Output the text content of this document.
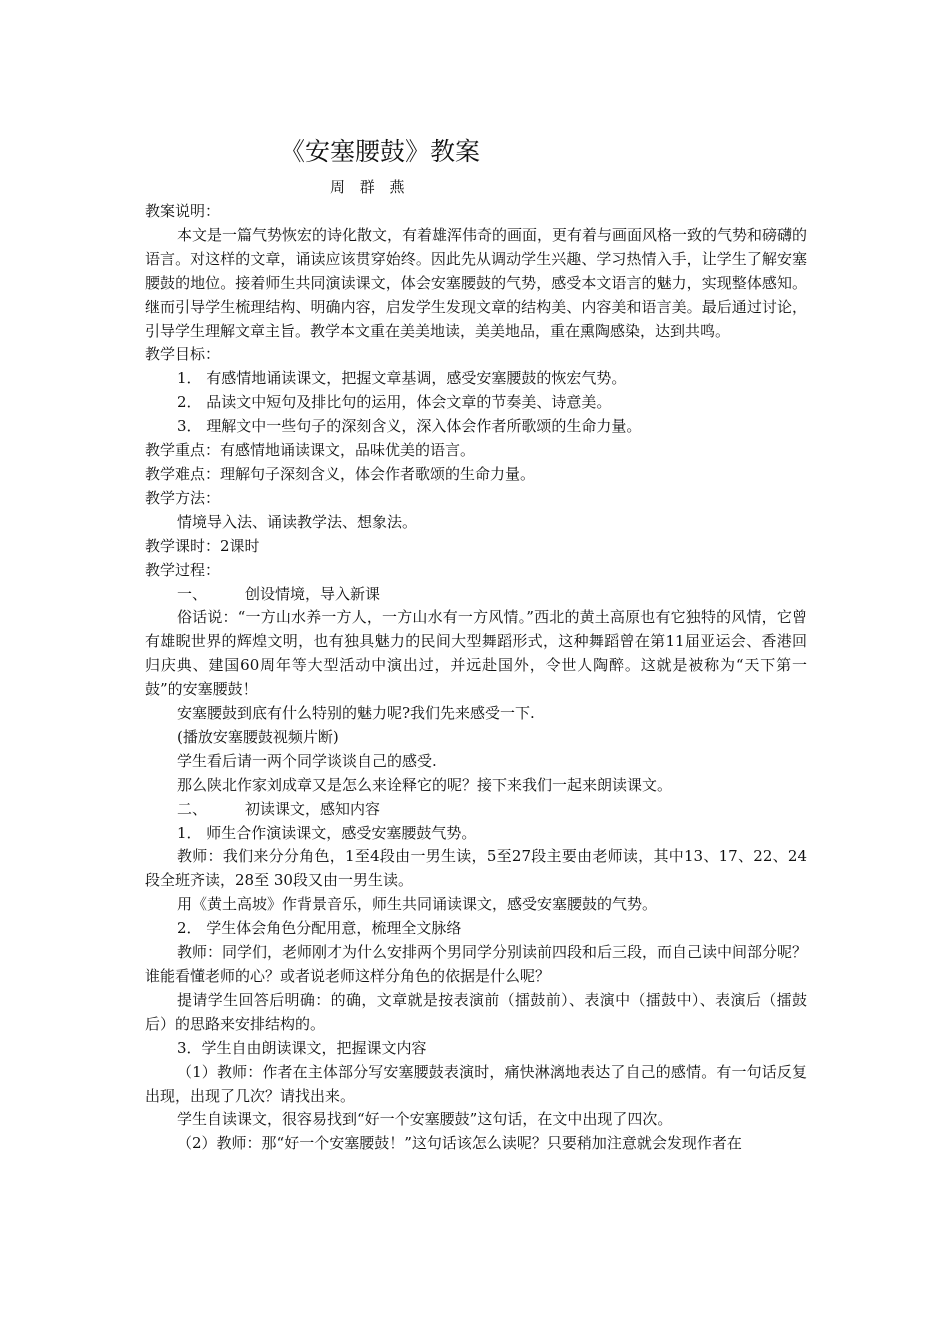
《安塞腰鼓》教案
周 群 燕

教案说明：

本文是一篇气势恢宏的诗化散文，有着雄浑伟奇的画面，更有着与画面风格一致的气势和磅礴的语言。对这样的文章，诵读应该贯穿始终。因此先从调动学生兴趣、学习热情入手，让学生了解安塞腰鼓的地位。接着师生共同演读课文，体会安塞腰鼓的气势，感受本文语言的魅力，实现整体感知。继而引导学生梳理结构、明确内容，启发学生发现文章的结构美、内容美和语言美。最后通过讨论，引导学生理解文章主旨。教学本文重在美美地读，美美地品，重在熏陶感染，达到共鸣。

教学目标：

1． 有感情地诵读课文，把握文章基调，感受安塞腰鼓的恢宏气势。

2． 品读文中短句及排比句的运用，体会文章的节奏美、诗意美。

3． 理解文中一些句子的深刻含义，深入体会作者所歌颂的生命力量。

教学重点：有感情地诵读课文，品味优美的语言。

教学难点：理解句子深刻含义，体会作者歌颂的生命力量。

教学方法：

情境导入法、诵读教学法、想象法。

教学课时：2课时

教学过程：

一、	创设情境，导入新课

俗话说：“一方山水养一方人，一方山水有一方风情。”西北的黄土高原也有它独特的风情，它曾有雄睨世界的辉煌文明，也有独具魅力的民间大型舞蹈形式，这种舞蹈曾在第11届亚运会、香港回归庆典、建国60周年等大型活动中演出过，并远赴国外，令世人陶醉。这就是被称为“天下第一鼓”的安塞腰鼓！

安塞腰鼓到底有什么特别的魅力呢?我们先来感受一下.

(播放安塞腰鼓视频片断)

学生看后请一两个同学谈谈自己的感受.

那么陕北作家刘成章又是怎么来诠释它的呢？接下来我们一起来朗读课文。

二、	初读课文，感知内容

1． 师生合作演读课文，感受安塞腰鼓气势。

教师：我们来分分角色，1至4段由一男生读，5至27段主要由老师读，其中13、17、22、24段全班齐读，28至 30段又由一男生读。

用《黄土高坡》作背景音乐，师生共同诵读课文，感受安塞腰鼓的气势。

2． 学生体会角色分配用意，梳理全文脉络

教师：同学们，老师刚才为什么安排两个男同学分别读前四段和后三段，而自己读中间部分呢？谁能看懂老师的心？或者说老师这样分角色的依据是什么呢？

提请学生回答后明确：的确，文章就是按表演前（擂鼓前）、表演中（擂鼓中）、表演后（擂鼓后）的思路来安排结构的。

3．学生自由朗读课文，把握课文内容

（1）教师：作者在主体部分写安塞腰鼓表演时，痛快淋漓地表达了自己的感情。有一句话反复出现，出现了几次？请找出来。

学生自读课文，很容易找到“好一个安塞腰鼓”这句话，在文中出现了四次。

（2）教师：那“好一个安塞腰鼓！”这句话该怎么读呢？只要稍加注意就会发现作者在
